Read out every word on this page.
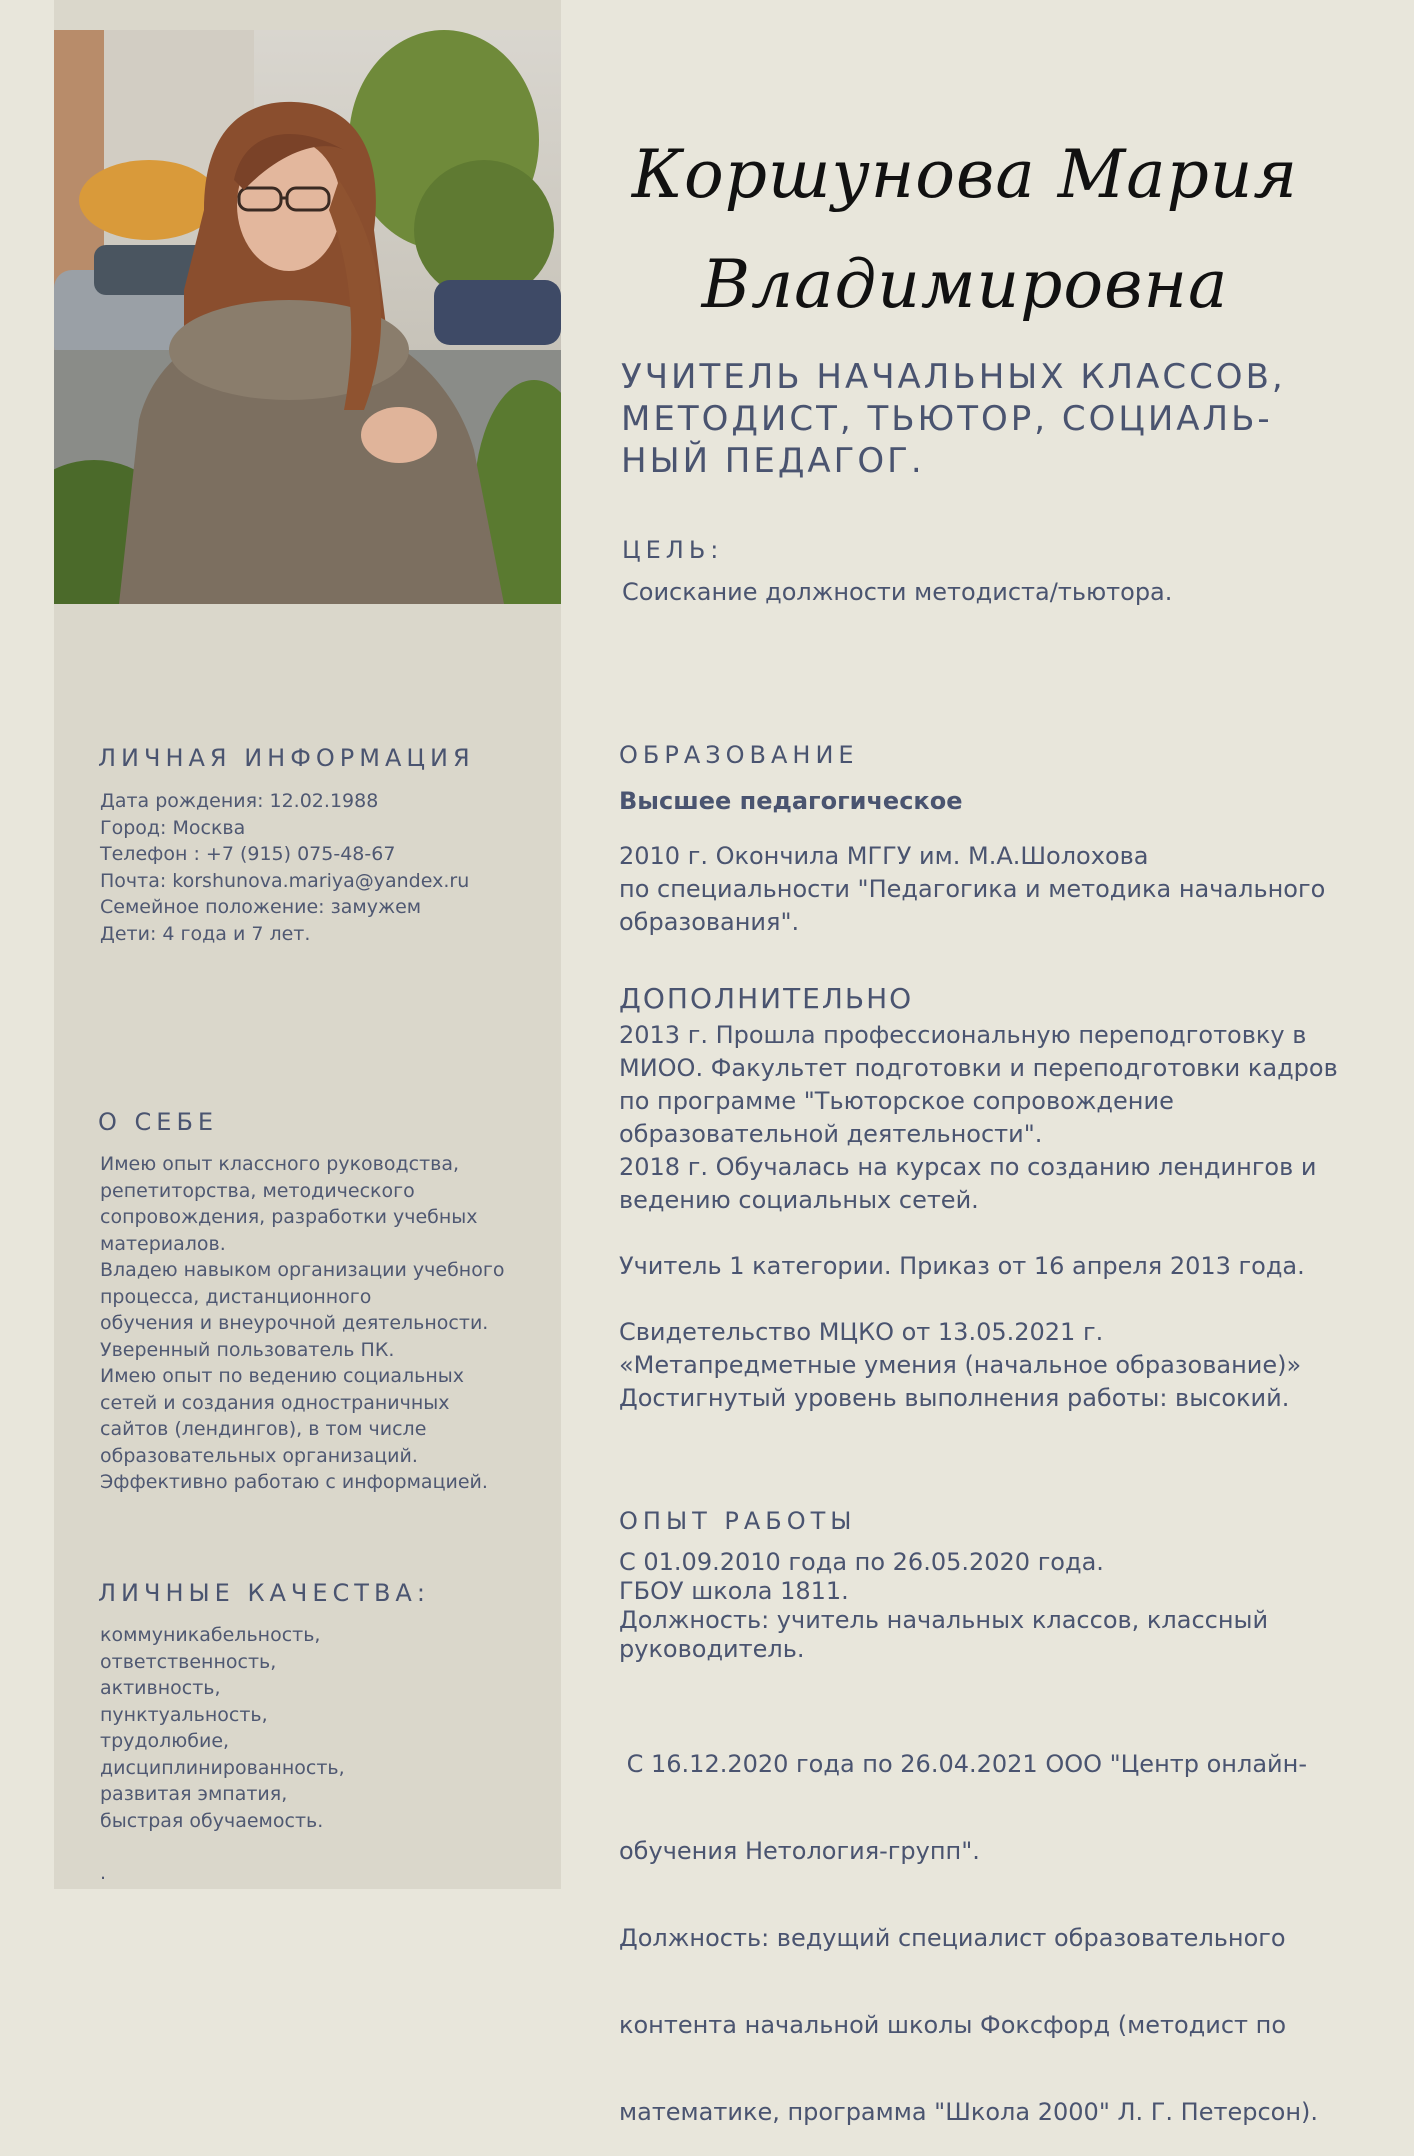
Коршунова Мария
Владимировна
УЧИТЕЛЬ НАЧАЛЬНЫХ КЛАССОВ,
МЕТОДИСТ, ТЬЮТОР, СОЦИАЛЬ-
НЫЙ ПЕДАГОГ.
ЦЕЛЬ:
Соискание должности методиста/тьютора.
ЛИЧНАЯ ИНФОРМАЦИЯ
Дата рождения: 12.02.1988
Город: Москва
Телефон : +7 (915) 075-48-67
Почта: korshunova.mariya@yandex.ru
Семейное положение: замужем
Дети: 4 года и 7 лет.
О СЕБЕ
Имею опыт классного руководства,
репетиторства, методического
сопровождения, разработки учебных
материалов.
Владею навыком организации учебного
процесса, дистанционного
обучения и внеурочной деятельности.
Уверенный пользователь ПК.
Имею опыт по ведению социальных
сетей и создания одностраничных
сайтов (лендингов), в том числе
образовательных организаций.
Эффективно работаю с информацией.
ЛИЧНЫЕ КАЧЕСТВА:
коммуникабельность,
ответственность,
активность,
пунктуальность,
трудолюбие,
дисциплинированность,
развитая эмпатия,
быстрая обучаемость.
.
ОБРАЗОВАНИЕ
Высшее педагогическое
2010 г. Окончила МГГУ им. М.А.Шолохова
по специальности "Педагогика и методика начального
образования".
ДОПОЛНИТЕЛЬНО
2013 г. Прошла профессиональную переподготовку в
МИОО. Факультет подготовки и переподготовки кадров
по программе "Тьюторское сопровождение
образовательной деятельности".
2018 г. Обучалась на курсах по созданию лендингов и
ведению социальных сетей.
Учитель 1 категории. Приказ от 16 апреля 2013 года.
Свидетельство МЦКО от 13.05.2021 г.
«Метапредметные умения (начальное образование)»
Достигнутый уровень выполнения работы: высокий.
ОПЫТ РАБОТЫ
С 01.09.2010 года по 26.05.2020 года.
ГБОУ школа 1811.
Должность: учитель начальных классов, классный
руководитель.

С 16.12.2020 года по 26.04.2021 ООО "Центр онлайн-

обучения Нетология-групп".

Должность: ведущий специалист образовательного

контента начальной школы Фоксфорд (методист по

математике, программа "Школа 2000" Л. Г. Петерсон).
